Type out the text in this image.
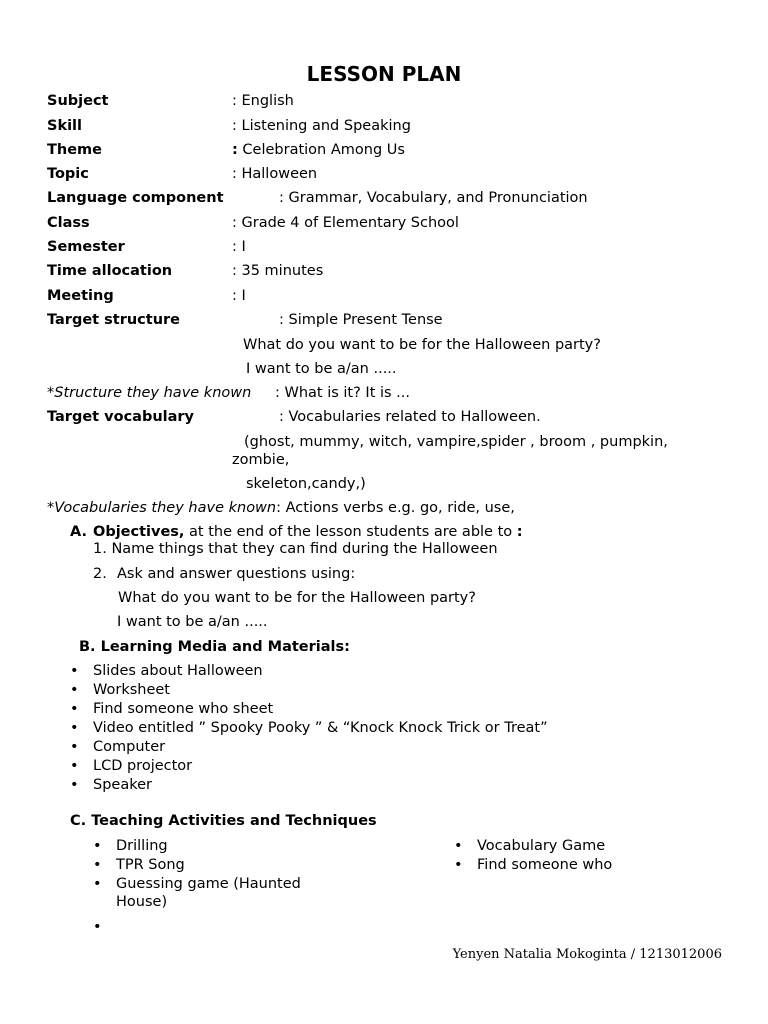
LESSON PLAN
Subject	: English
Skill	: Listening and Speaking
Theme	: Celebration Among Us
Topic	: Halloween
Language component	: Grammar, Vocabulary, and Pronunciation
Class	: Grade 4 of Elementary School
Semester	: I
Time allocation	: 35 minutes
Meeting	: I
Target structure	: Simple Present Tense
What do you want to be for the Halloween party?
I want to be a/an .....
*Structure they have known : What is it? It is ...
Target vocabulary	: Vocabularies related to Halloween.
(ghost, mummy, witch, vampire,spider , broom , pumpkin,
zombie,
skeleton,candy,)
*Vocabularies they have known: Actions verbs e.g. go, ride, use,
A. Objectives, at the end of the lesson students are able to :
1. Name things that they can find during the Halloween
2. Ask and answer questions using:
What do you want to be for the Halloween party?
I want to be a/an .....
B. Learning Media and Materials:
• Slides about Halloween
• Worksheet
• Find someone who sheet
• Video entitled ” Spooky Pooky ” & “Knock Knock Trick or Treat”
• Computer
• LCD projector
• Speaker
C. Teaching Activities and Techniques
• Drilling
• TPR Song
• Guessing game (Haunted
House)
• Vocabulary Game
• Find someone who
Yenyen Natalia Mokoginta / 1213012006
